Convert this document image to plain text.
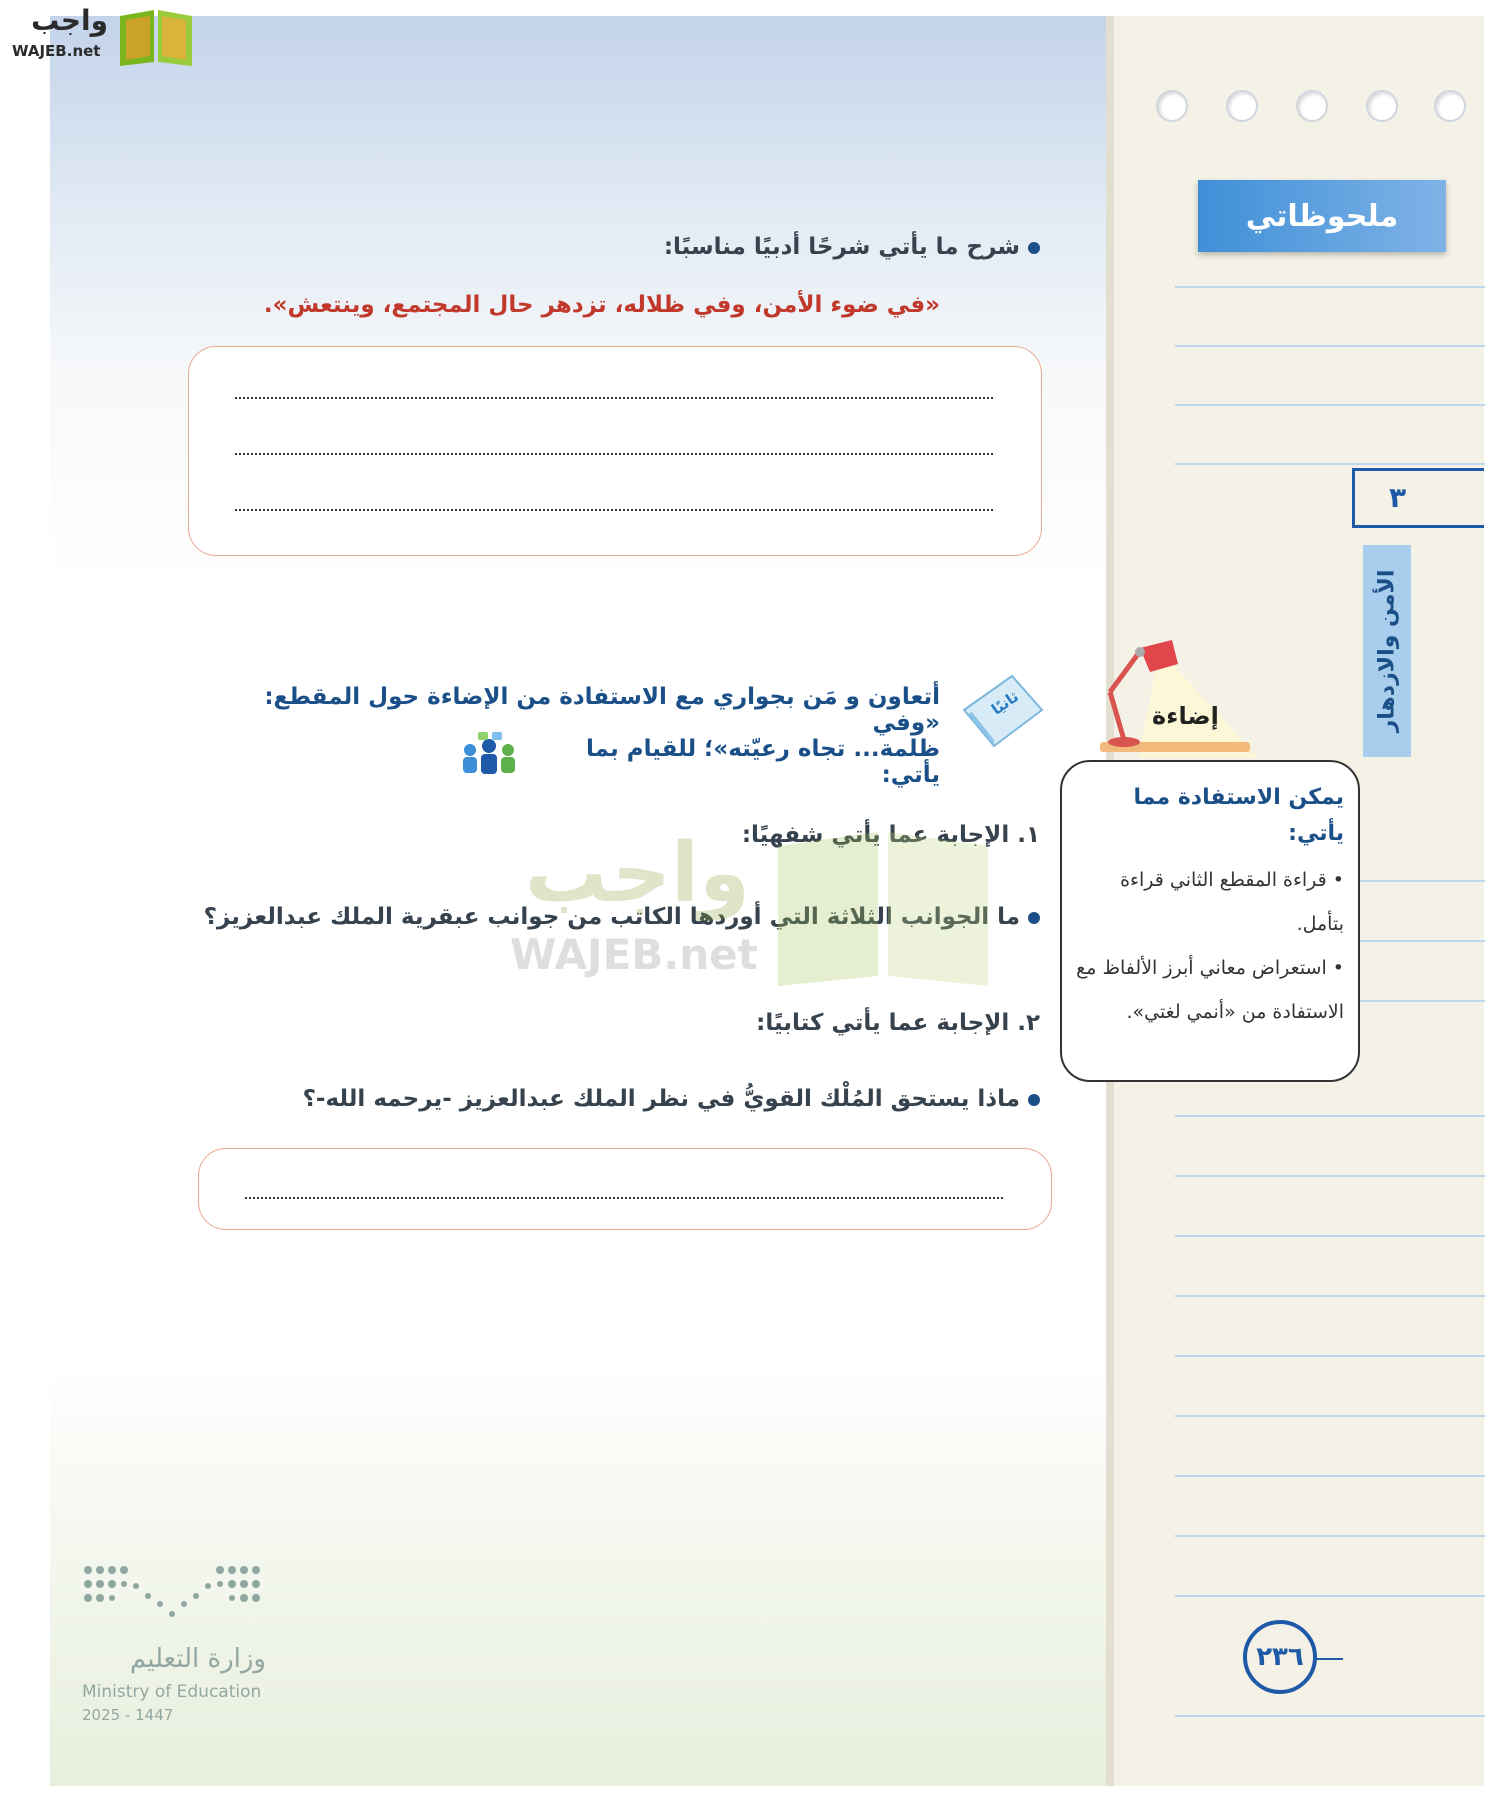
واجب
WAJEB.net
شرح ما يأتي شرحًا أدبيًا مناسبًا:
«في ضوء الأمن، وفي ظلاله، تزدهر حال المجتمع، وينتعش».
ثانيًا
أتعاون و مَن بجواري مع الاستفادة من الإضاءة حول المقطع: «وفي
ظلمة... تجاه رعيّته»؛ للقيام بما يأتي:
١. الإجابة عما يأتي شفهيًا:
ما الجوانب الثلاثة التي أوردها الكاتب من جوانب عبقرية الملك عبدالعزيز؟
واجب
WAJEB.net
٢. الإجابة عما يأتي كتابيًا:
ماذا يستحق المُلْك القويُّ في نظر الملك عبدالعزيز -يرحمه الله-؟
ملحوظاتي
٣
الأمن والازدهار
إضاءة
يمكن الاستفادة مما يأتي:
• قراءة المقطع الثاني قراءة بتأمل.
• استعراض معاني أبرز الألفاظ مع الاستفادة من «أنمي لغتي».
٢٣٦
وزارة التعليم
Ministry of Education
2025 - 1447
